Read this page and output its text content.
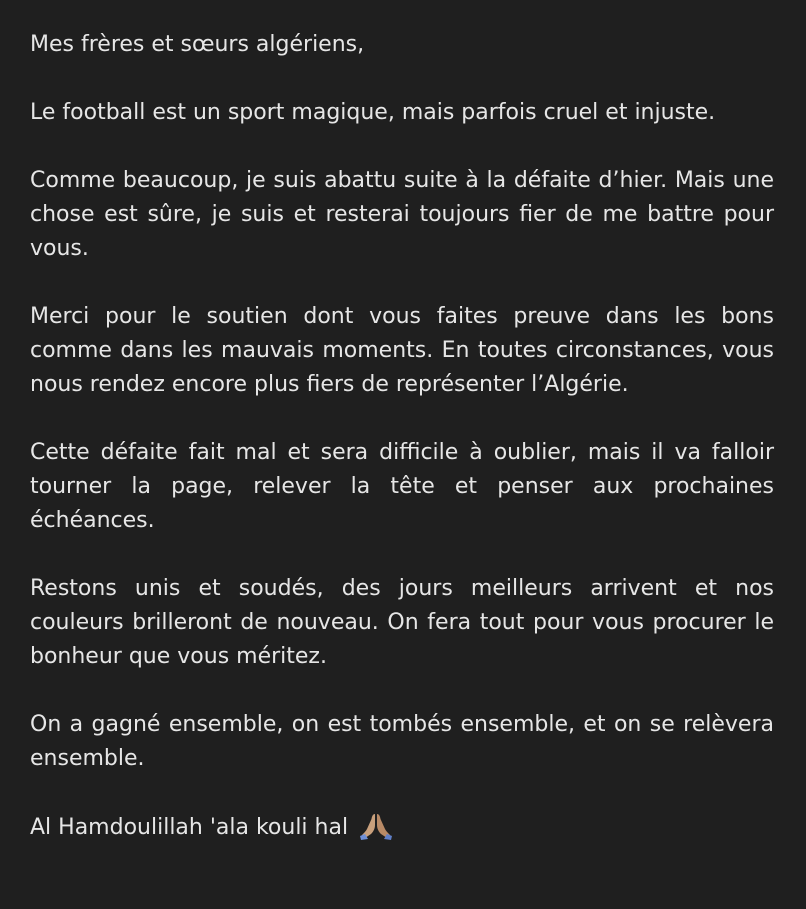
Mes frères et sœurs algériens,

Le football est un sport magique, mais parfois cruel et injuste.

Comme beaucoup, je suis abattu suite à la défaite d’hier. Mais une chose est sûre, je suis et resterai toujours fier de me battre pour vous.

Merci pour le soutien dont vous faites preuve dans les bons comme dans les mauvais moments. En toutes circonstances, vous nous rendez encore plus fiers de représenter l’Algérie.

Cette défaite fait mal et sera difficile à oublier, mais il va falloir tourner la page, relever la tête et penser aux prochaines échéances.

Restons unis et soudés, des jours meilleurs arrivent et nos couleurs brilleront de nouveau. On fera tout pour vous procurer le bonheur que vous méritez.

On a gagné ensemble, on est tombés ensemble, et on se relèvera ensemble.

Al Hamdoulillah 'ala kouli hal
